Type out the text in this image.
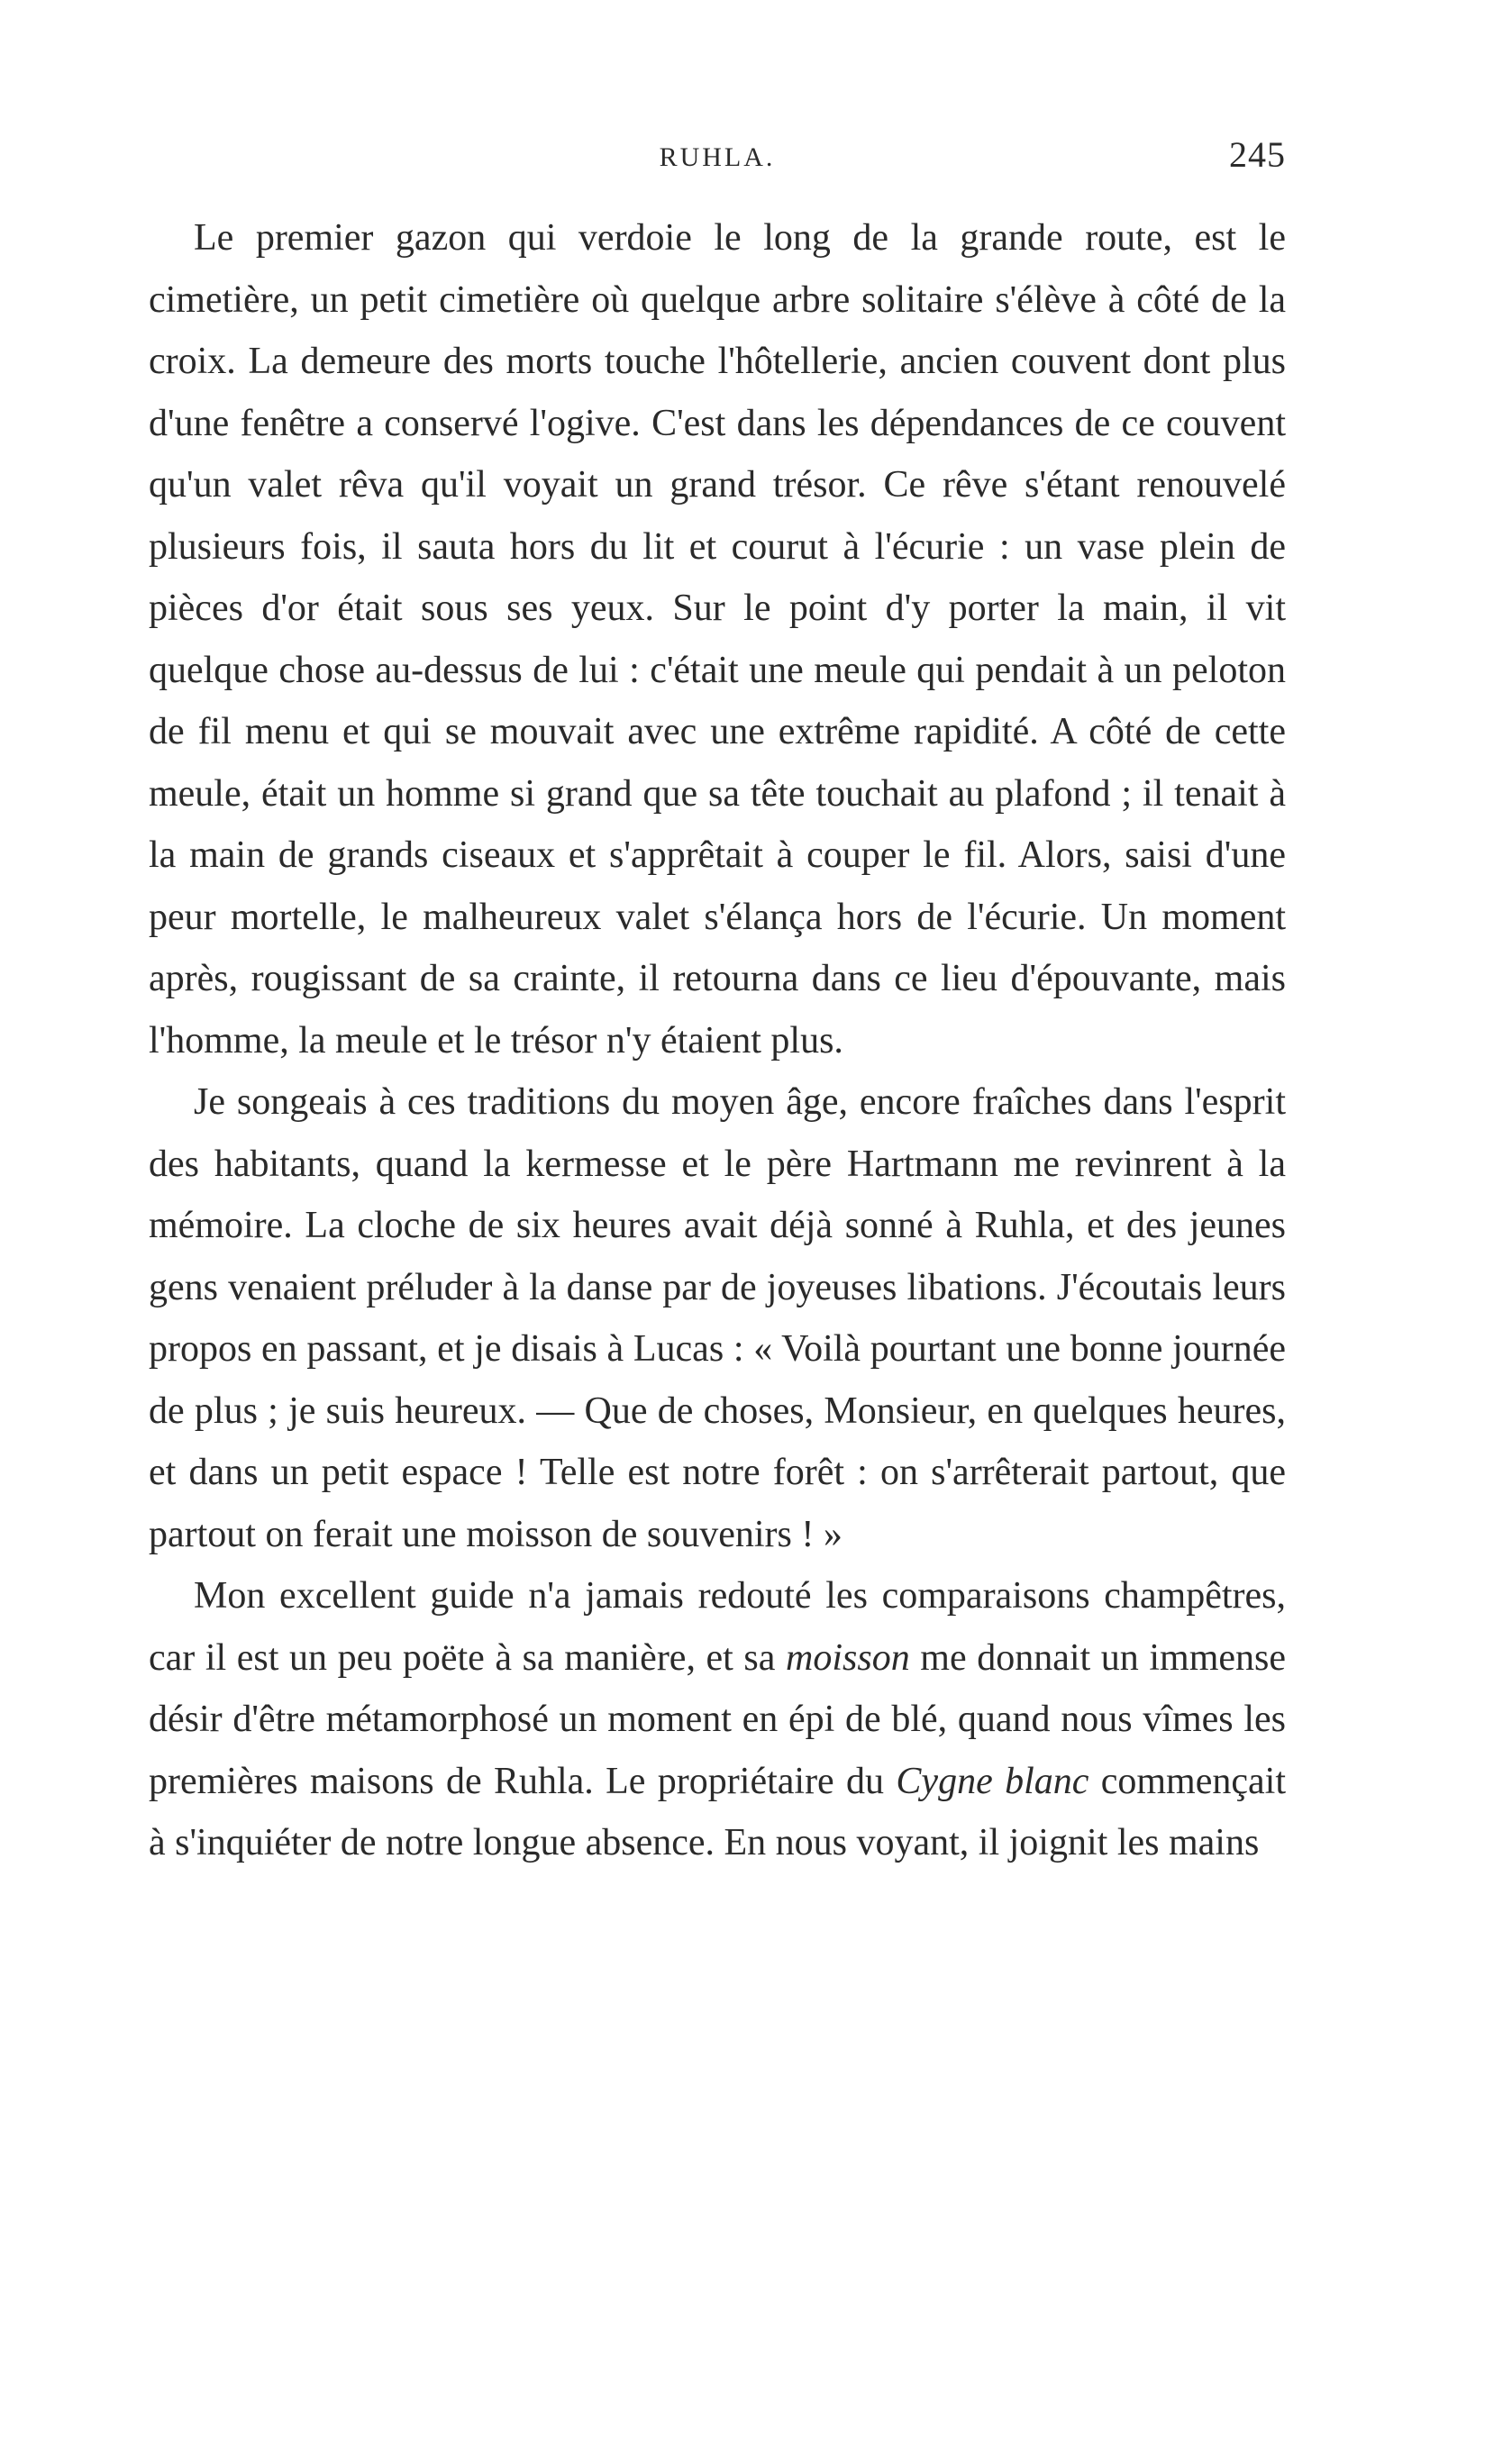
RUHLA.	245

Le premier gazon qui verdoie le long de la grande route, est le cimetière, un petit cimetière où quelque arbre solitaire s'élève à côté de la croix. La demeure des morts touche l'hôtellerie, ancien couvent dont plus d'une fenêtre a conservé l'ogive. C'est dans les dépendances de ce couvent qu'un valet rêva qu'il voyait un grand trésor. Ce rêve s'étant renouvelé plusieurs fois, il sauta hors du lit et courut à l'écurie : un vase plein de pièces d'or était sous ses yeux. Sur le point d'y porter la main, il vit quelque chose au-dessus de lui : c'était une meule qui pendait à un peloton de fil menu et qui se mouvait avec une extrême rapidité. A côté de cette meule, était un homme si grand que sa tête touchait au plafond ; il tenait à la main de grands ciseaux et s'apprêtait à couper le fil. Alors, saisi d'une peur mortelle, le malheureux valet s'élança hors de l'écurie. Un moment après, rougissant de sa crainte, il retourna dans ce lieu d'épouvante, mais l'homme, la meule et le trésor n'y étaient plus.

Je songeais à ces traditions du moyen âge, encore fraîches dans l'esprit des habitants, quand la kermesse et le père Hartmann me revinrent à la mémoire. La cloche de six heures avait déjà sonné à Ruhla, et des jeunes gens venaient préluder à la danse par de joyeuses libations. J'écoutais leurs propos en passant, et je disais à Lucas : « Voilà pourtant une bonne journée de plus ; je suis heureux. — Que de choses, Monsieur, en quelques heures, et dans un petit espace ! Telle est notre forêt : on s'arrêterait partout, que partout on ferait une moisson de souvenirs ! »

Mon excellent guide n'a jamais redouté les comparaisons champêtres, car il est un peu poëte à sa manière, et sa moisson me donnait un immense désir d'être métamorphosé un moment en épi de blé, quand nous vîmes les premières maisons de Ruhla. Le propriétaire du Cygne blanc commençait à s'inquiéter de notre longue absence. En nous voyant, il joignit les mains
